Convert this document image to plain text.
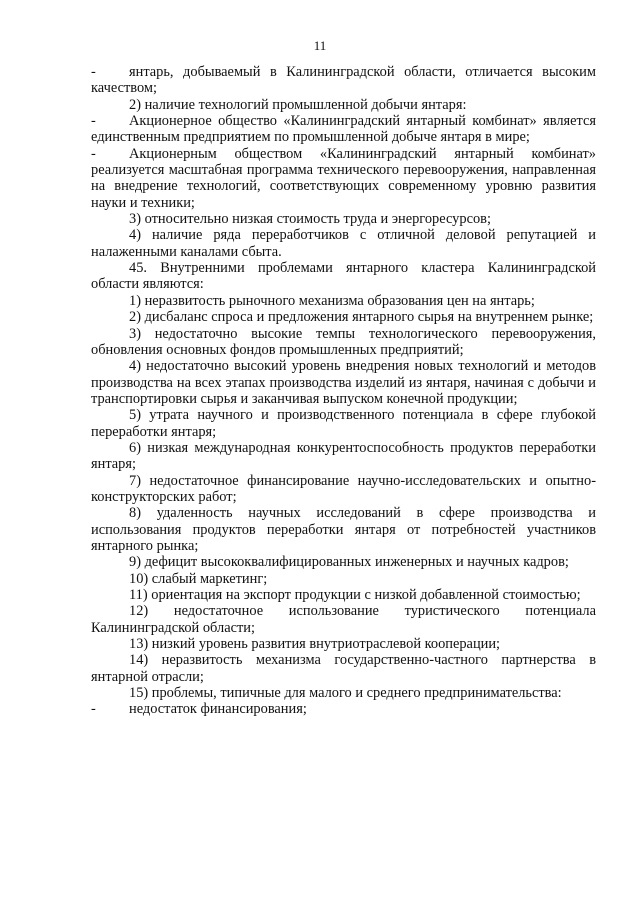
11

- янтарь, добываемый в Калининградской области, отличается высоким качеством;

2) наличие технологий промышленной добычи янтаря:

- Акционерное общество «Калининградский янтарный комбинат» является единственным предприятием по промышленной добыче янтаря в мире;

- Акционерным обществом «Калининградский янтарный комбинат» реализуется масштабная программа технического перевооружения, направленная на внедрение технологий, соответствующих современному уровню развития науки и техники;

3) относительно низкая стоимость труда и энергоресурсов;

4) наличие ряда переработчиков с отличной деловой репутацией и налаженными каналами сбыта.

45. Внутренними проблемами янтарного кластера Калининградской области являются:

1) неразвитость рыночного механизма образования цен на янтарь;

2) дисбаланс спроса и предложения янтарного сырья на внутреннем рынке;

3) недостаточно высокие темпы технологического перевооружения, обновления основных фондов промышленных предприятий;

4) недостаточно высокий уровень внедрения новых технологий и методов производства на всех этапах производства изделий из янтаря, начиная с добычи и транспортировки сырья и заканчивая выпуском конечной продукции;

5) утрата научного и производственного потенциала в сфере глубокой переработки янтаря;

6) низкая международная конкурентоспособность продуктов переработки янтаря;

7) недостаточное финансирование научно-исследовательских и опытно-конструкторских работ;

8) удаленность научных исследований в сфере производства и использования продуктов переработки янтаря от потребностей участников янтарного рынка;

9) дефицит высококвалифицированных инженерных и научных кадров;

10) слабый маркетинг;

11) ориентация на экспорт продукции с низкой добавленной стоимостью;

12) недостаточное использование туристического потенциала Калининградской области;

13) низкий уровень развития внутриотраслевой кооперации;

14) неразвитость механизма государственно-частного партнерства в янтарной отрасли;

15) проблемы, типичные для малого и среднего предпринимательства:

- недостаток финансирования;
